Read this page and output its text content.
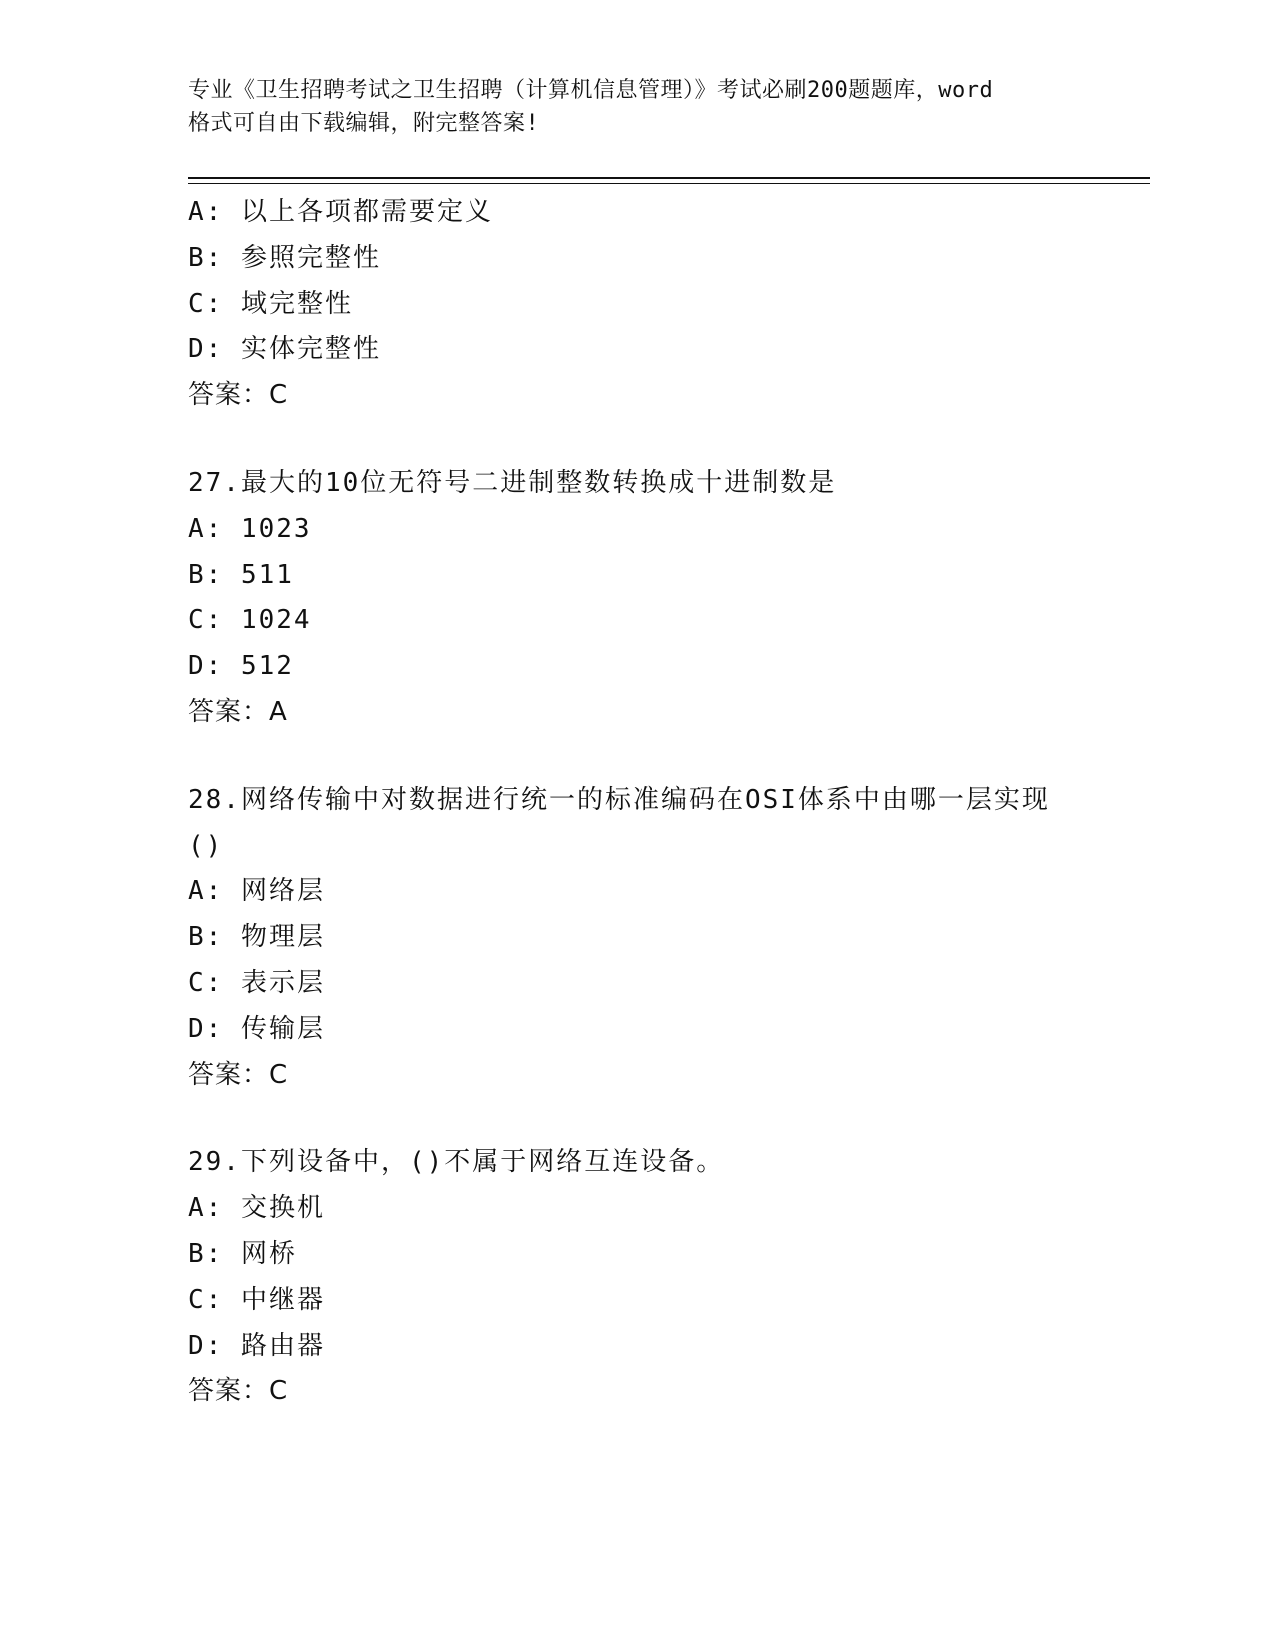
专业《卫生招聘考试之卫生招聘（计算机信息管理）》考试必刷200题题库，word
格式可自由下载编辑，附完整答案!
A: 以上各项都需要定义
B: 参照完整性
C: 域完整性
D: 实体完整性
答案：C
27.最大的10位无符号二进制整数转换成十进制数是
A: 1023
B: 511
C: 1024
D: 512
答案：A
28.网络传输中对数据进行统一的标准编码在OSI体系中由哪一层实现()
A: 网络层
B: 物理层
C: 表示层
D: 传输层
答案：C
29.下列设备中，()不属于网络互连设备。
A: 交换机
B: 网桥
C: 中继器
D: 路由器
答案：C
